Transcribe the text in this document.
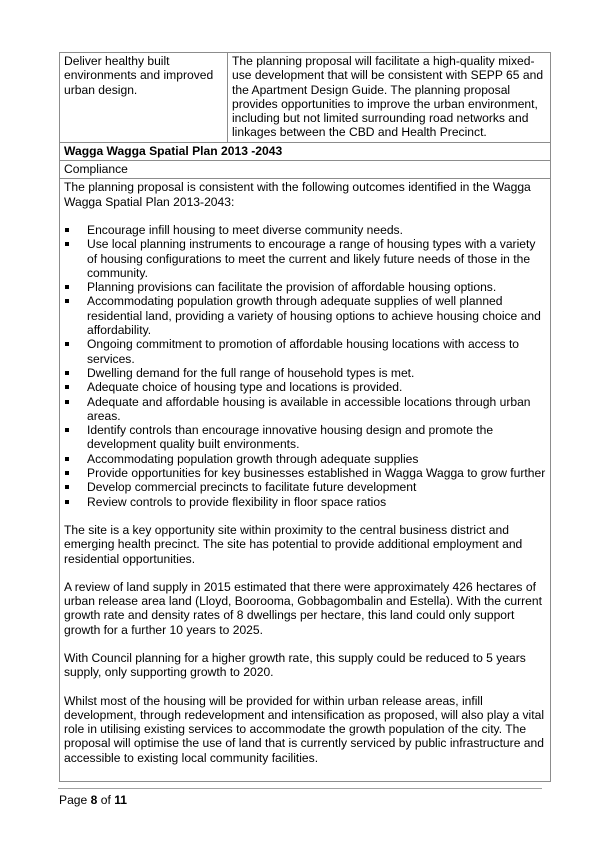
Deliver healthy built environments and improved urban design.	The planning proposal will facilitate a high-quality mixed-use development that will be consistent with SEPP 65 and the Apartment Design Guide. The planning proposal provides opportunities to improve the urban environment, including but not limited surrounding road networks and linkages between the CBD and Health Precinct.
Wagga Wagga Spatial Plan 2013 -2043
Compliance

The planning proposal is consistent with the following outcomes identified in the Wagga Wagga Spatial Plan 2013-2043:

Encourage infill housing to meet diverse community needs.
Use local planning instruments to encourage a range of housing types with a variety of housing configurations to meet the current and likely future needs of those in the community.
Planning provisions can facilitate the provision of affordable housing options.
Accommodating population growth through adequate supplies of well planned residential land, providing a variety of housing options to achieve housing choice and affordability.
Ongoing commitment to promotion of affordable housing locations with access to services.
Dwelling demand for the full range of household types is met.
Adequate choice of housing type and locations is provided.
Adequate and affordable housing is available in accessible locations through urban areas.
Identify controls than encourage innovative housing design and promote the development quality built environments.
Accommodating population growth through adequate supplies
Provide opportunities for key businesses established in Wagga Wagga to grow further
Develop commercial precincts to facilitate future development
Review controls to provide flexibility in floor space ratios

The site is a key opportunity site within proximity to the central business district and emerging health precinct. The site has potential to provide additional employment and residential opportunities.

A review of land supply in 2015 estimated that there were approximately 426 hectares of urban release area land (Lloyd, Boorooma, Gobbagombalin and Estella). With the current growth rate and density rates of 8 dwellings per hectare, this land could only support growth for a further 10 years to 2025.

With Council planning for a higher growth rate, this supply could be reduced to 5 years supply, only supporting growth to 2020.

Whilst most of the housing will be provided for within urban release areas, infill development, through redevelopment and intensification as proposed, will also play a vital role in utilising existing services to accommodate the growth population of the city. The proposal will optimise the use of land that is currently serviced by public infrastructure and accessible to existing local community facilities.

Page 8 of 11
